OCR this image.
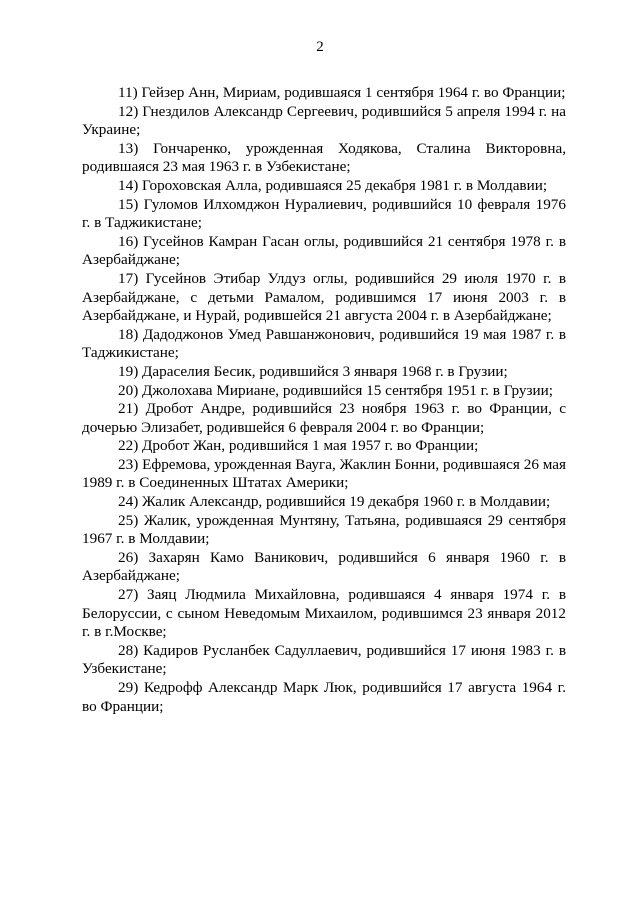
2
11) Гейзер Анн, Мириам, родившаяся 1 сентября 1964 г. во Франции;
12) Гнездилов Александр Сергеевич, родившийся 5 апреля 1994 г. на Украине;
13) Гончаренко, урожденная Ходякова, Сталина Викторовна, родившаяся 23 мая 1963 г. в Узбекистане;
14) Гороховская Алла, родившаяся 25 декабря 1981 г. в Молдавии;
15) Гуломов Илхомджон Нуралиевич, родившийся 10 февраля 1976 г. в Таджикистане;
16) Гусейнов Камран Гасан оглы, родившийся 21 сентября 1978 г. в Азербайджане;
17) Гусейнов Этибар Улдуз оглы, родившийся 29 июля 1970 г. в Азербайджане, с детьми Рамалом, родившимся 17 июня 2003 г. в Азербайджане, и Нурай, родившейся 21 августа 2004 г. в Азербайджане;
18) Дадоджонов Умед Равшанжонович, родившийся 19 мая 1987 г. в Таджикистане;
19) Дараселия Бесик, родившийся 3 января 1968 г. в Грузии;
20) Джолохава Мириане, родившийся 15 сентября 1951 г. в Грузии;
21) Дробот Андре, родившийся 23 ноября 1963 г. во Франции, с дочерью Элизабет, родившейся 6 февраля 2004 г. во Франции;
22) Дробот Жан, родившийся 1 мая 1957 г. во Франции;
23) Ефремова, урожденная Вауга, Жаклин Бонни, родившаяся 26 мая 1989 г. в Соединенных Штатах Америки;
24) Жалик Александр, родившийся 19 декабря 1960 г. в Молдавии;
25) Жалик, урожденная Мунтяну, Татьяна, родившаяся 29 сентября 1967 г. в Молдавии;
26) Захарян Камо Ваникович, родившийся 6 января 1960 г. в Азербайджане;
27) Заяц Людмила Михайловна, родившаяся 4 января 1974 г. в Белоруссии, с сыном Неведомым Михаилом, родившимся 23 января 2012 г. в г.Москве;
28) Кадиров Русланбек Садуллаевич, родившийся 17 июня 1983 г. в Узбекистане;
29) Кедрофф Александр Марк Люк, родившийся 17 августа 1964 г. во Франции;
